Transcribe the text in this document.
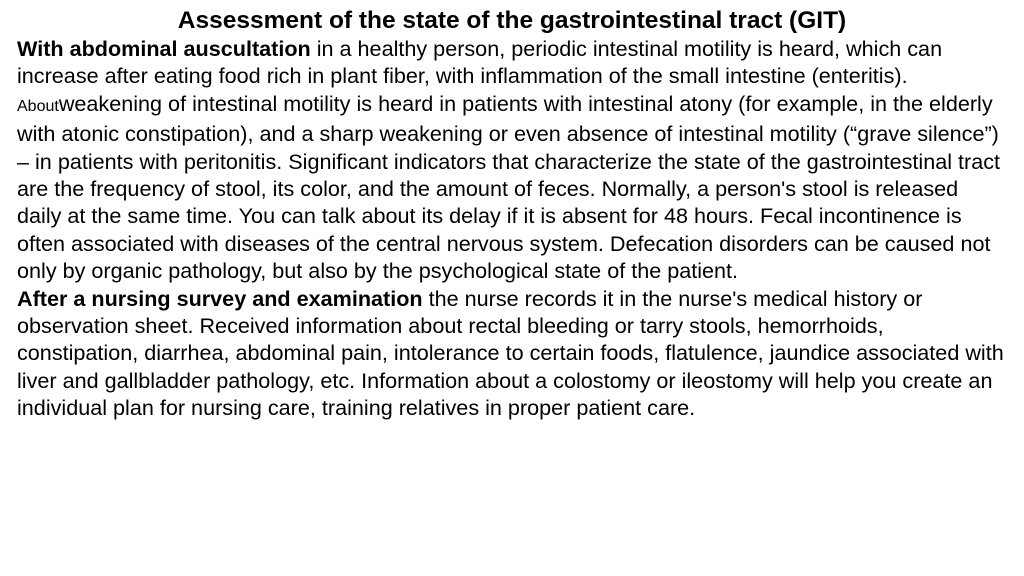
Assessment of the state of the gastrointestinal tract (GIT)

With abdominal auscultation in a healthy person, periodic intestinal motility is heard, which can increase after eating food rich in plant fiber, with inflammation of the small intestine (enteritis). Aboutweakening of intestinal motility is heard in patients with intestinal atony (for example, in the elderly with atonic constipation), and a sharp weakening or even absence of intestinal motility (“grave silence”) – in patients with peritonitis. Significant indicators that characterize the state of the gastrointestinal tract are the frequency of stool, its color, and the amount of feces. Normally, a person's stool is released daily at the same time. You can talk about its delay if it is absent for 48 hours. Fecal incontinence is often associated with diseases of the central nervous system. Defecation disorders can be caused not only by organic pathology, but also by the psychological state of the patient.

After a nursing survey and examination the nurse records it in the nurse's medical history or observation sheet. Received information about rectal bleeding or tarry stools, hemorrhoids, constipation, diarrhea, abdominal pain, intolerance to certain foods, flatulence, jaundice associated with liver and gallbladder pathology, etc. Information about a colostomy or ileostomy will help you create an individual plan for nursing care, training relatives in proper patient care.
